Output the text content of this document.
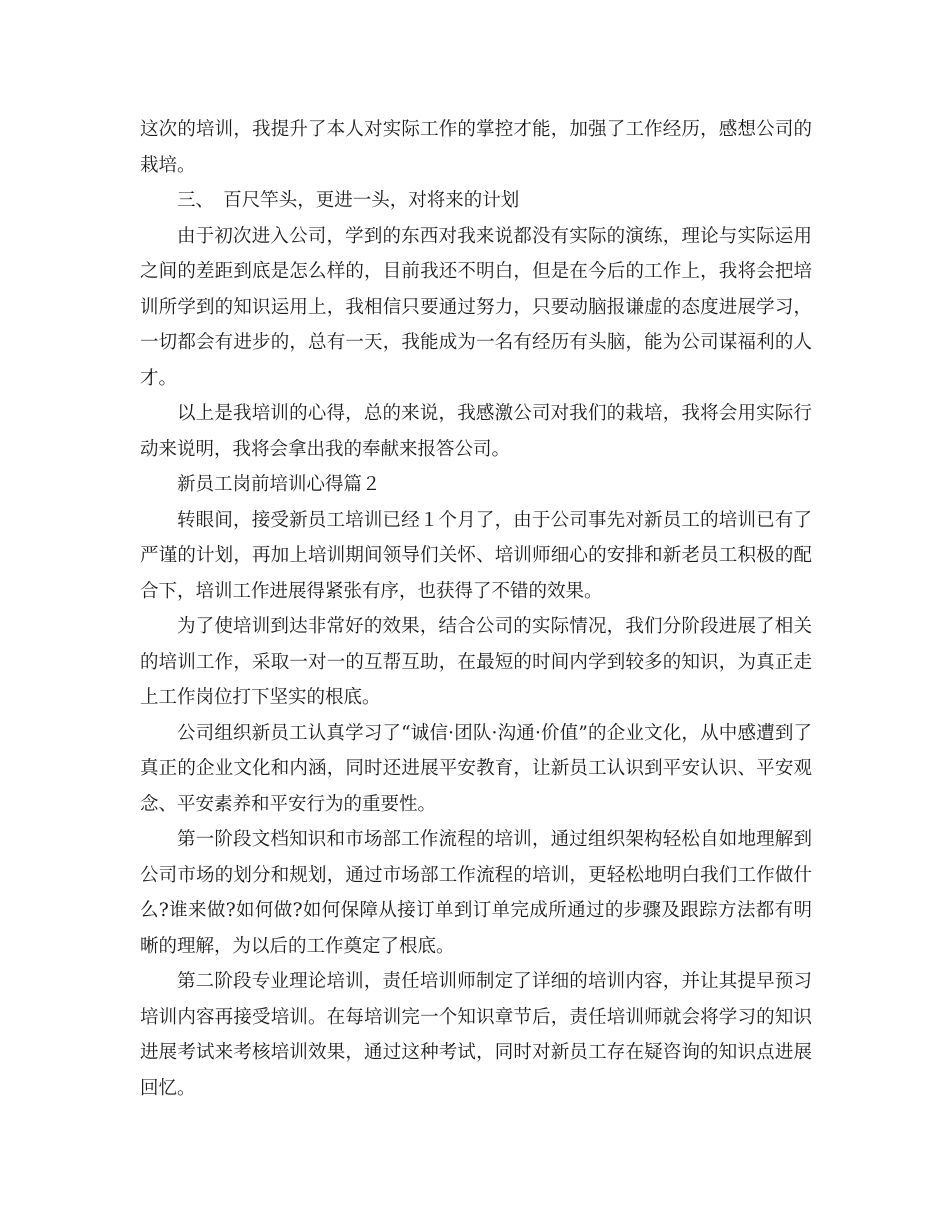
这次的培训，我提升了本人对实际工作的掌控才能，加强了工作经历，感想公司的栽培。

三、　百尺竿头，更进一头，对将来的计划

由于初次进入公司，学到的东西对我来说都没有实际的演练，理论与实际运用之间的差距到底是怎么样的，目前我还不明白，但是在今后的工作上，我将会把培训所学到的知识运用上，我相信只要通过努力，只要动脑报谦虚的态度进展学习，一切都会有进步的，总有一天，我能成为一名有经历有头脑，能为公司谋福利的人才。

以上是我培训的心得，总的来说，我感激公司对我们的栽培，我将会用实际行动来说明，我将会拿出我的奉献来报答公司。

新员工岗前培训心得篇２

转眼间，接受新员工培训已经１个月了，由于公司事先对新员工的培训已有了严谨的计划，再加上培训期间领导们关怀、培训师细心的安排和新老员工积极的配合下，培训工作进展得紧张有序，也获得了不错的效果。

为了使培训到达非常好的效果，结合公司的实际情况，我们分阶段进展了相关的培训工作，采取一对一的互帮互助，在最短的时间内学到较多的知识，为真正走上工作岗位打下坚实的根底。

公司组织新员工认真学习了“诚信·团队·沟通·价值”的企业文化，从中感遭到了真正的企业文化和内涵，同时还进展平安教育，让新员工认识到平安认识、平安观念、平安素养和平安行为的重要性。

第一阶段文档知识和市场部工作流程的培训，通过组织架构轻松自如地理解到公司市场的划分和规划，通过市场部工作流程的培训，更轻松地明白我们工作做什么?谁来做?如何做?如何保障从接订单到订单完成所通过的步骤及跟踪方法都有明晰的理解，为以后的工作奠定了根底。

第二阶段专业理论培训，责任培训师制定了详细的培训内容，并让其提早预习培训内容再接受培训。在每培训完一个知识章节后，责任培训师就会将学习的知识进展考试来考核培训效果，通过这种考试，同时对新员工存在疑咨询的知识点进展回忆。
